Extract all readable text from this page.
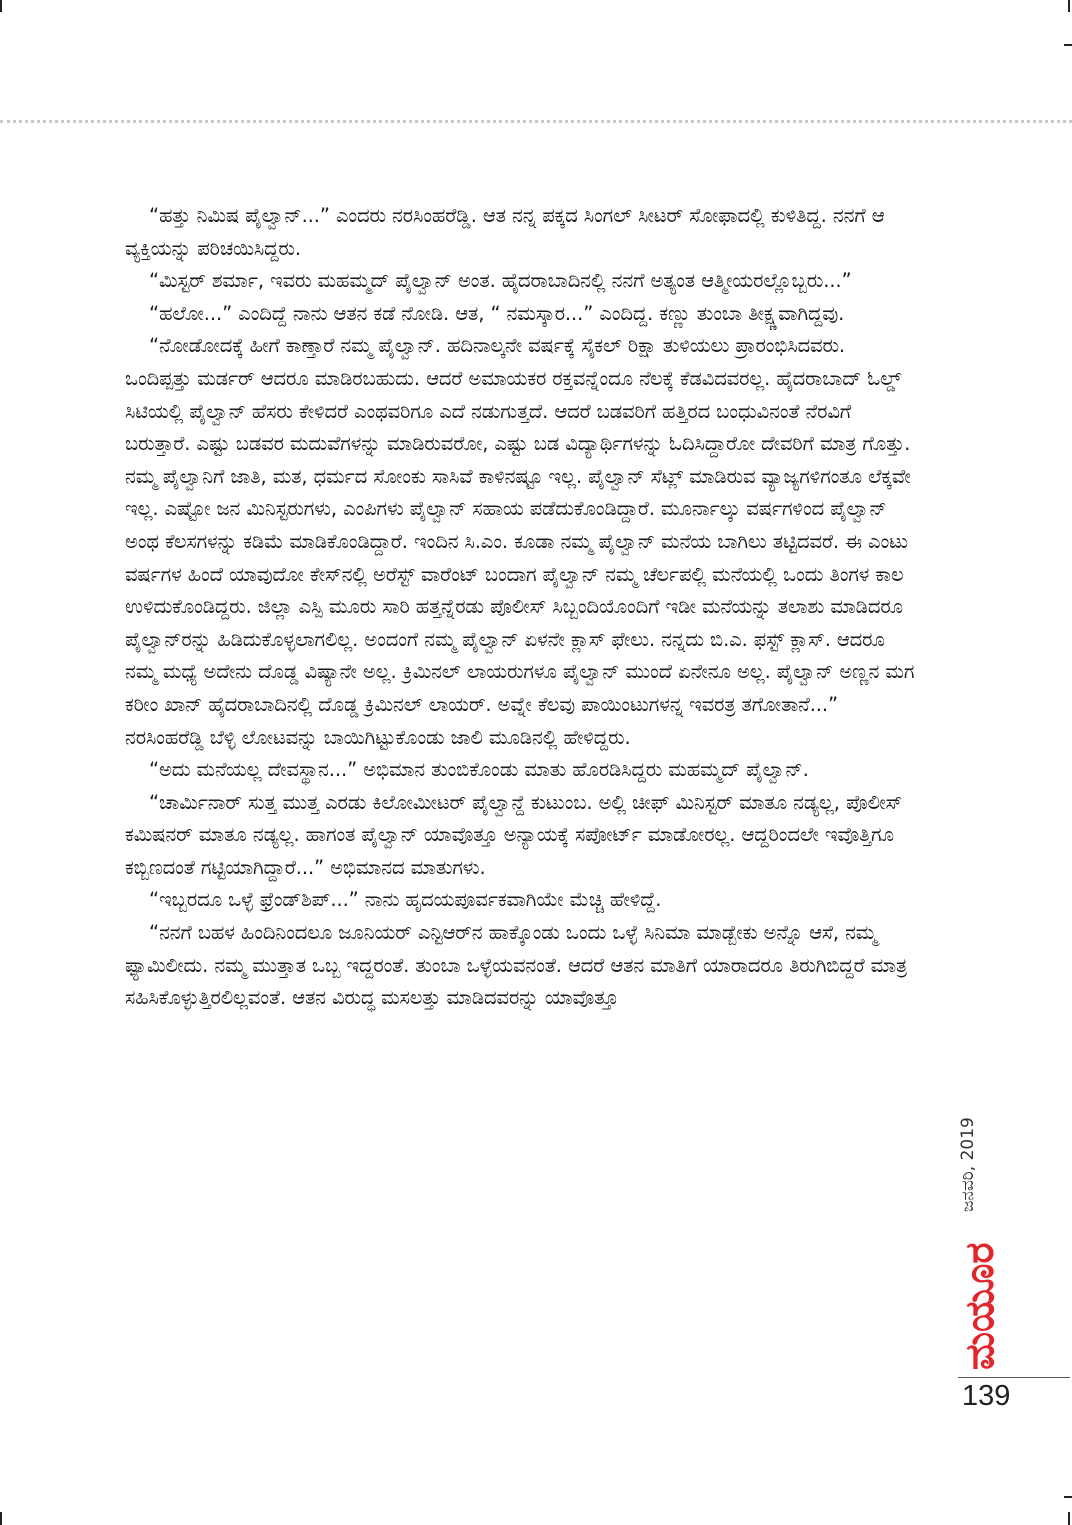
“ಹತ್ತು ನಿಮಿಷ ಪೈಲ್ವಾನ್...” ಎಂದರು ನರಸಿಂಹರೆಡ್ಡಿ. ಆತ ನನ್ನ ಪಕ್ಕದ ಸಿಂಗಲ್ ಸೀಟರ್ ಸೋಫಾದಲ್ಲಿ ಕುಳಿತಿದ್ದ. ನನಗೆ ಆ ವ್ಯಕ್ತಿಯನ್ನು ಪರಿಚಯಿಸಿದ್ದರು.

“ಮಿಸ್ಟರ್ ಶರ್ಮಾ, ಇವರು ಮಹಮ್ಮದ್ ಪೈಲ್ವಾನ್ ಅಂತ. ಹೈದರಾಬಾದಿನಲ್ಲಿ ನನಗೆ ಅತ್ಯಂತ ಆತ್ಮೀಯರಲ್ಲೊಬ್ಬರು...”

“ಹಲೋ...” ಎಂದಿದ್ದೆ ನಾನು ಆತನ ಕಡೆ ನೋಡಿ. ಆತ, “ ನಮಸ್ಕಾರ...” ಎಂದಿದ್ದ. ಕಣ್ಣು ತುಂಬಾ ತೀಕ್ಷ್ಣವಾಗಿದ್ದವು.

“ನೋಡೋದಕ್ಕೆ ಹೀಗೆ ಕಾಣ್ತಾರೆ ನಮ್ಮ ಪೈಲ್ವಾನ್. ಹದಿನಾಲ್ಕನೇ ವರ್ಷಕ್ಕೆ ಸೈಕಲ್ ರಿಕ್ಷಾ ತುಳಿಯಲು ಪ್ರಾರಂಭಿಸಿದವರು. ಒಂದಿಪ್ಪತ್ತು ಮರ್ಡರ್ ಆದರೂ ಮಾಡಿರಬಹುದು. ಆದರೆ ಅಮಾಯಕರ ರಕ್ತವನ್ನೆಂದೂ ನೆಲಕ್ಕೆ ಕೆಡವಿದವರಲ್ಲ. ಹೈದರಾಬಾದ್ ಓಲ್ಡ್ ಸಿಟಿಯಲ್ಲಿ ಪೈಲ್ವಾನ್ ಹೆಸರು ಕೇಳಿದರೆ ಎಂಥವರಿಗೂ ಎದೆ ನಡುಗುತ್ತದೆ. ಆದರೆ ಬಡವರಿಗೆ ಹತ್ತಿರದ ಬಂಧುವಿನಂತೆ ನೆರವಿಗೆ ಬರುತ್ತಾರೆ. ಎಷ್ಟು ಬಡವರ ಮದುವೆಗಳನ್ನು ಮಾಡಿರುವರೋ, ಎಷ್ಟು ಬಡ ವಿದ್ಯಾರ್ಥಿಗಳನ್ನು ಓದಿಸಿದ್ದಾರೋ ದೇವರಿಗೆ ಮಾತ್ರ ಗೊತ್ತು. ನಮ್ಮ ಪೈಲ್ವಾನಿಗೆ ಜಾತಿ, ಮತ, ಧರ್ಮದ ಸೋಂಕು ಸಾಸಿವೆ ಕಾಳಿನಷ್ಟೂ ಇಲ್ಲ. ಪೈಲ್ವಾನ್ ಸೆಟ್ಲ್ ಮಾಡಿರುವ ವ್ಯಾಜ್ಯಗಳಿಗಂತೂ ಲೆಕ್ಕವೇ ಇಲ್ಲ. ಎಷ್ಟೋ ಜನ ಮಿನಿಸ್ಟರುಗಳು, ಎಂಪಿಗಳು ಪೈಲ್ವಾನ್ ಸಹಾಯ ಪಡೆದುಕೊಂಡಿದ್ದಾರೆ. ಮೂರ್ನಾಲ್ಕು ವರ್ಷಗಳಿಂದ ಪೈಲ್ವಾನ್ ಅಂಥ ಕೆಲಸಗಳನ್ನು ಕಡಿಮೆ ಮಾಡಿಕೊಂಡಿದ್ದಾರೆ. ಇಂದಿನ ಸಿ.ಎಂ. ಕೂಡಾ ನಮ್ಮ ಪೈಲ್ವಾನ್ ಮನೆಯ ಬಾಗಿಲು ತಟ್ಟಿದವರೆ. ಈ ಎಂಟು ವರ್ಷಗಳ ಹಿಂದೆ ಯಾವುದೋ ಕೇಸ್‌ನಲ್ಲಿ ಅರೆಸ್ಟ್ ವಾರೆಂಟ್ ಬಂದಾಗ ಪೈಲ್ವಾನ್ ನಮ್ಮ ಚೆರ್ಲಪಲ್ಲಿ ಮನೆಯಲ್ಲಿ ಒಂದು ತಿಂಗಳ ಕಾಲ ಉಳಿದುಕೊಂಡಿದ್ದರು. ಜಿಲ್ಲಾ ಎಸ್ಪಿ ಮೂರು ಸಾರಿ ಹತ್ತನ್ನೆರಡು ಪೊಲೀಸ್ ಸಿಬ್ಬಂದಿಯೊಂದಿಗೆ ಇಡೀ ಮನೆಯನ್ನು ತಲಾಶು ಮಾಡಿದರೂ ಪೈಲ್ವಾನ್‌ರನ್ನು ಹಿಡಿದುಕೊಳ್ಳಲಾಗಲಿಲ್ಲ. ಅಂದಂಗೆ ನಮ್ಮ ಪೈಲ್ವಾನ್ ಏಳನೇ ಕ್ಲಾಸ್ ಫೇಲು. ನನ್ನದು ಬಿ.ಎ. ಫಸ್ಟ್ ಕ್ಲಾಸ್. ಆದರೂ ನಮ್ಮ ಮಧ್ಯೆ ಅದೇನು ದೊಡ್ಡ ವಿಷ್ಯಾನೇ ಅಲ್ಲ. ಕ್ರಿಮಿನಲ್ ಲಾಯರುಗಳೂ ಪೈಲ್ವಾನ್ ಮುಂದೆ ಏನೇನೂ ಅಲ್ಲ. ಪೈಲ್ವಾನ್ ಅಣ್ಣನ ಮಗ ಕರೀಂ ಖಾನ್ ಹೈದರಾಬಾದಿನಲ್ಲಿ ದೊಡ್ಡ ಕ್ರಿಮಿನಲ್ ಲಾಯರ್. ಅವ್ನೇ ಕೆಲವು ಪಾಯಿಂಟುಗಳನ್ನ ಇವರತ್ರ ತಗೋತಾನೆ...” ನರಸಿಂಹರೆಡ್ಡಿ ಬೆಳ್ಳಿ ಲೋಟವನ್ನು ಬಾಯಿಗಿಟ್ಟುಕೊಂಡು ಜಾಲಿ ಮೂಡಿನಲ್ಲಿ ಹೇಳಿದ್ದರು.

“ಅದು ಮನೆಯಲ್ಲ ದೇವಸ್ಥಾನ...” ಅಭಿಮಾನ ತುಂಬಿಕೊಂಡು ಮಾತು ಹೊರಡಿಸಿದ್ದರು ಮಹಮ್ಮದ್ ಪೈಲ್ವಾನ್.

“ಚಾರ್ಮಿನಾರ್ ಸುತ್ತ ಮುತ್ತ ಎರಡು ಕಿಲೋಮೀಟರ್ ಪೈಲ್ವಾನ್ದೆ ಕುಟುಂಬ. ಅಲ್ಲಿ ಚೀಫ್ ಮಿನಿಸ್ಟರ್ ಮಾತೂ ನಡ್ಯಲ್ಲ, ಪೊಲೀಸ್ ಕಮಿಷನರ್ ಮಾತೂ ನಡ್ಯಲ್ಲ. ಹಾಗಂತ ಪೈಲ್ವಾನ್ ಯಾವೊತ್ತೂ ಅನ್ಯಾಯಕ್ಕೆ ಸಪೋರ್ಟ್ ಮಾಡೋರಲ್ಲ. ಆದ್ದರಿಂದಲೇ ಇವೊತ್ತಿಗೂ ಕಬ್ಬಿಣದಂತೆ ಗಟ್ಟಿಯಾಗಿದ್ದಾರೆ...” ಅಭಿಮಾನದ ಮಾತುಗಳು.

“ಇಬ್ಬರದೂ ಒಳ್ಳೆ ಫ್ರೆಂಡ್‌ಶಿಪ್...” ನಾನು ಹೃದಯಪೂರ್ವಕವಾಗಿಯೇ ಮೆಚ್ಚಿ ಹೇಳಿದ್ದೆ.

“ನನಗೆ ಬಹಳ ಹಿಂದಿನಿಂದಲೂ ಜೂನಿಯರ್ ಎನ್ಟಿಆರ್‌ನ ಹಾಕ್ಕೊಂಡು ಒಂದು ಒಳ್ಳೆ ಸಿನಿಮಾ ಮಾಡ್ಬೇಕು ಅನ್ನೊ ಆಸೆ, ನಮ್ಮ ಫ್ಯಾಮಿಲೀದು. ನಮ್ಮ ಮುತ್ತಾತ ಒಬ್ಬ ಇದ್ದರಂತೆ. ತುಂಬಾ ಒಳ್ಳೆಯವನಂತೆ. ಆದರೆ ಆತನ ಮಾತಿಗೆ ಯಾರಾದರೂ ತಿರುಗಿಬಿದ್ದರೆ ಮಾತ್ರ ಸಹಿಸಿಕೊಳ್ಳುತ್ತಿರಲಿಲ್ಲವಂತೆ. ಆತನ ವಿರುದ್ಧ ಮಸಲತ್ತು ಮಾಡಿದವರನ್ನು ಯಾವೊತ್ತೂ

ಜನವರಿ, 2019
ಮಯೂರ
139
